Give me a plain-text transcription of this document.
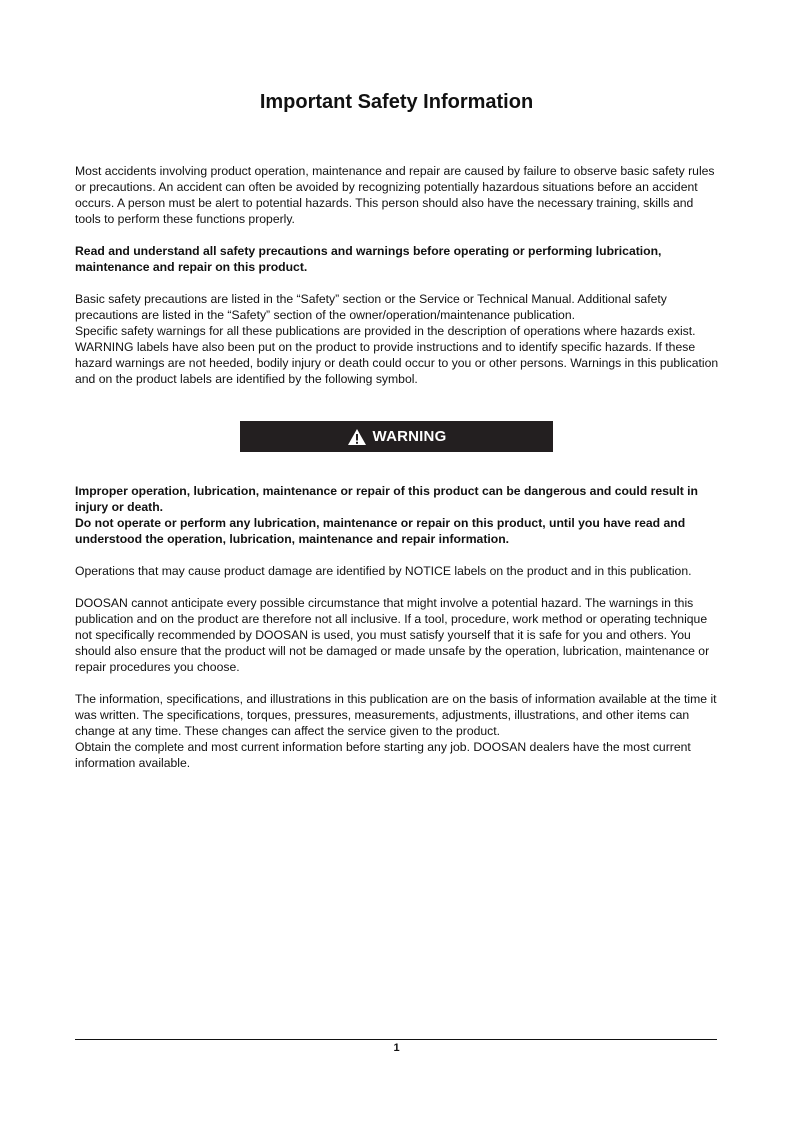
Important Safety Information

Most accidents involving product operation, maintenance and repair are caused by failure to observe basic safety rules or precautions. An accident can often be avoided by recognizing potentially hazardous situations before an accident occurs. A person must be alert to potential hazards. This person should also have the necessary training, skills and tools to perform these functions properly.

Read and understand all safety precautions and warnings before operating or performing lubrication, maintenance and repair on this product.

Basic safety precautions are listed in the “Safety” section or the Service or Technical Manual. Additional safety precautions are listed in the “Safety” section of the owner/operation/maintenance publication.

Specific safety warnings for all these publications are provided in the description of operations where hazards exist. WARNING labels have also been put on the product to provide instructions and to identify specific hazards. If these hazard warnings are not heeded, bodily injury or death could occur to you or other persons. Warnings in this publication and on the product labels are identified by the following symbol.

WARNING

Improper operation, lubrication, maintenance or repair of this product can be dangerous and could result in injury or death.

Do not operate or perform any lubrication, maintenance or repair on this product, until you have read and understood the operation, lubrication, maintenance and repair information.

Operations that may cause product damage are identified by NOTICE labels on the product and in this publication.

DOOSAN cannot anticipate every possible circumstance that might involve a potential hazard. The warnings in this publication and on the product are therefore not all inclusive. If a tool, procedure, work method or operating technique not specifically recommended by DOOSAN is used, you must satisfy yourself that it is safe for you and others. You should also ensure that the product will not be damaged or made unsafe by the operation, lubrication, maintenance or repair procedures you choose.

The information, specifications, and illustrations in this publication are on the basis of information available at the time it was written. The specifications, torques, pressures, measurements, adjustments, illustrations, and other items can change at any time. These changes can affect the service given to the product.

Obtain the complete and most current information before starting any job. DOOSAN dealers have the most current information available.

1
